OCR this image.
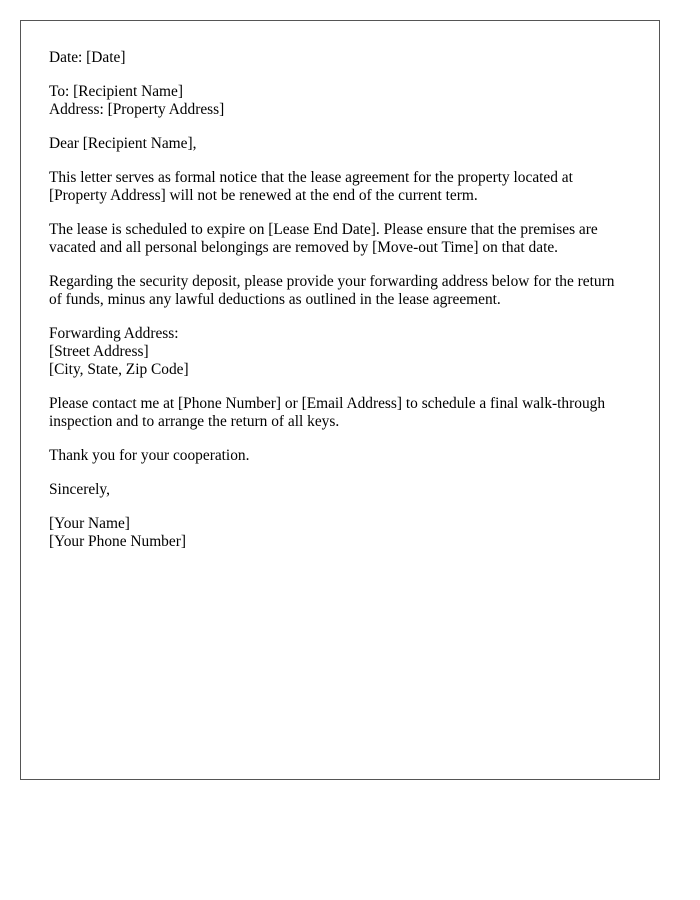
Date: [Date]

To: [Recipient Name]
Address: [Property Address]

Dear [Recipient Name],

This letter serves as formal notice that the lease agreement for the property located at [Property Address] will not be renewed at the end of the current term.

The lease is scheduled to expire on [Lease End Date]. Please ensure that the premises are vacated and all personal belongings are removed by [Move-out Time] on that date.

Regarding the security deposit, please provide your forwarding address below for the return of funds, minus any lawful deductions as outlined in the lease agreement.

Forwarding Address:
[Street Address]
[City, State, Zip Code]

Please contact me at [Phone Number] or [Email Address] to schedule a final walk-through inspection and to arrange the return of all keys.

Thank you for your cooperation.

Sincerely,

[Your Name]
[Your Phone Number]
